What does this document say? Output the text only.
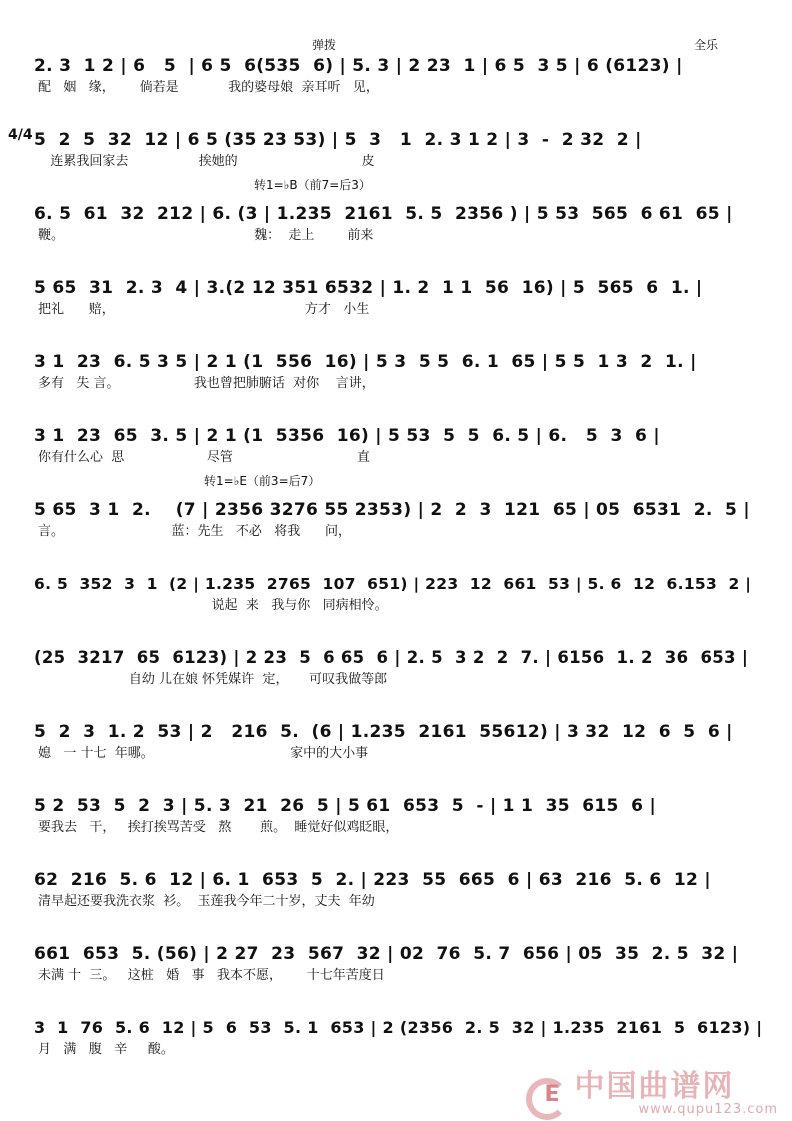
2. 3  1 2 | 6   5  | 6 5  6(535  6) | 5. 3 | 2 23  1 | 6 5  3 5 | 6 (6123) |
弹拨	全乐
配   姻   缘，      倘若是            我的婆母娘  亲耳听   见，
4/4 5  2  5  32  12 | 6 5 (35 23 53) | 5  3   1  2. 3 1 2 | 3  -  2 32  2 |
连累我回家去                 挨她的                              皮
转1=♭B（前7=后3）
6. 5  61  32  212 | 6. (3 | 1.235  2161  5. 5  2356 ) | 5 53  565  6 61  65 |
鞭。                                              魏：  走上        前来
5 65  31  2. 3  4 | 3.(2 12 351 6532 | 1. 2  1 1  56  16) | 5  565  6  1. |
把礼      赔，                                              方才   小生
3 1  23  6. 5 3 5 | 2 1 (1  556  16) | 5 3  5 5  6. 1  65 | 5 5  1 3  2  1. |
多有   失 言。                  我也曾把肺腑话  对你    言讲，
3 1  23  65  3. 5 | 2 1 (1  5356  16) | 5 53  5  5  6. 5 | 6.   5  3  6 |
你有什么心  思                    尽管                              直
转1=♭E（前3=后7）
5 65  3 1  2.    (7 | 2356 3276 55 2353) | 2  2  3  121  65 | 05  6531  2.  5 |
言。                          蓝：先生   不必   将我      问，
6. 5  352  3  1  (2 | 1.235  2765  107  651) | 223  12  661  53 | 5. 6  12  6.153  2 |
说起  来   我与你   同病相怜。
(25  3217  65  6123) | 2 23  5  6 65  6 | 2. 5  3 2  2  7. | 6156  1. 2  36  653 |
自幼 儿在娘 怀凭媒许  定，     可叹我做等郎
5  2  3  1. 2  53 | 2   216  5.  (6 | 1.235  2161  55612) | 3 32  12  6  5  6 |
媳   一 十七  年哪。                                 家中的大小事
5 2  53  5  2  3 | 5. 3  21  26  5 | 5 61  653  5  - | 1 1  35  615  6 |
要我去   干，   挨打挨骂苦受   熬       煎。  睡觉好似鸡眨眼，
62  216  5. 6  12 | 6. 1  653  5  2. | 223  55  665  6 | 63  216  5. 6  12 |
清早起还要我洗衣浆  衫。  玉莲我今年二十岁，丈夫  年幼
661  653  5. (56) | 2 27  23  567  32 | 02  76  5. 7  656 | 05  35  2. 5  32 |
未满 十  三。   这桩   婚   事   我本不愿，      十七年苦度日
3  1  76  5. 6  12 | 5  6  53  5. 1  653 | 2 (2356  2. 5  32 | 1.235  2161  5  6123) |
月   满   腹   辛     酸。
E 中国曲谱网
www.qupu123.com
